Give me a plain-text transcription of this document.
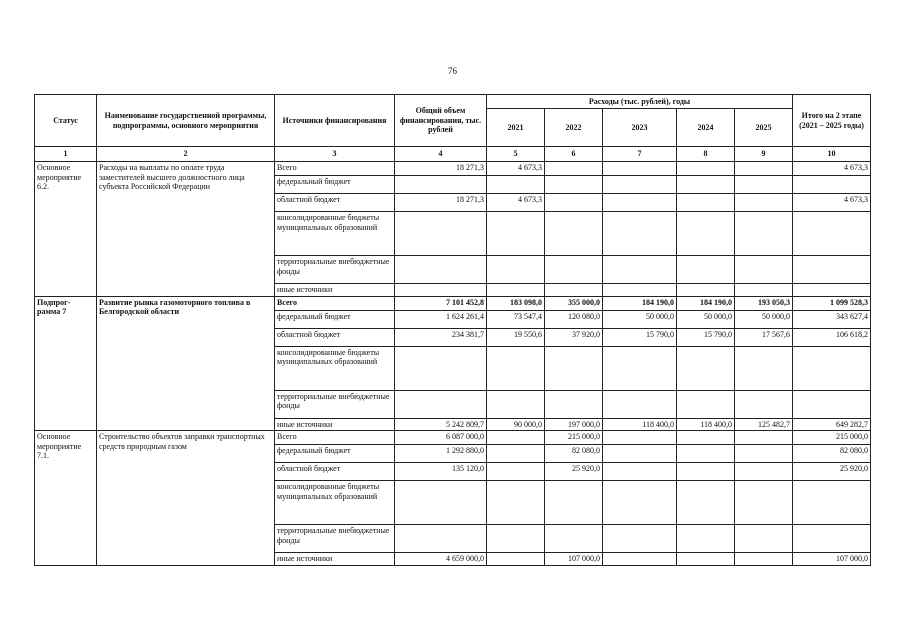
76
Статус	Наименование государственной программы, подпрограммы, основного мероприятия	Источники финансирования	Общий объем финансирования, тыс. рублей	Расходы (тыс. рублей), годы					Итого на 2 этапе (2021 – 2025 годы)
				2021	2022	2023	2024	2025	
1	2	3	4	5	6	7	8	9	10
Основное мероприятие 6.2.	Расходы на выплаты по оплате труда заместителей высшего должностного лица субъекта Российской Федерации	Всего	18 271,3	4 673,3					4 673,3
		федеральный бюджет							
		областной бюджет	18 271,3	4 673,3					4 673,3
		консолидированные бюджеты муниципальных образований							
		территориальные внебюджетные фонды							
		иные источники							
Подпрог- рамма 7	Развитие рынка газомоторного топлива в Белгородской области	Всего	7 101 452,8	183 098,0	355 000,0	184 190,0	184 190,0	193 050,3	1 099 528,3
		федеральный бюджет	1 624 261,4	73 547,4	120 080,0	50 000,0	50 000,0	50 000,0	343 627,4
		областной бюджет	234 381,7	19 550,6	37 920,0	15 790,0	15 790,0	17 567,6	106 618,2
		консолидированные бюджеты муниципальных образований							
		территориальные внебюджетные фонды							
		иные источники	5 242 809,7	90 000,0	197 000,0	118 400,0	118 400,0	125 482,7	649 282,7
Основное мероприятие 7.1.	Строительство объектов заправки транспортных средств природным газом	Всего	6 087 000,0		215 000,0				215 000,0
		федеральный бюджет	1 292 880,0		82 080,0				82 080,0
		областной бюджет	135 120,0		25 920,0				25 920,0
		консолидированные бюджеты муниципальных образований							
		территориальные внебюджетные фонды							
		иные источники	4 659 000,0		107 000,0				107 000,0
